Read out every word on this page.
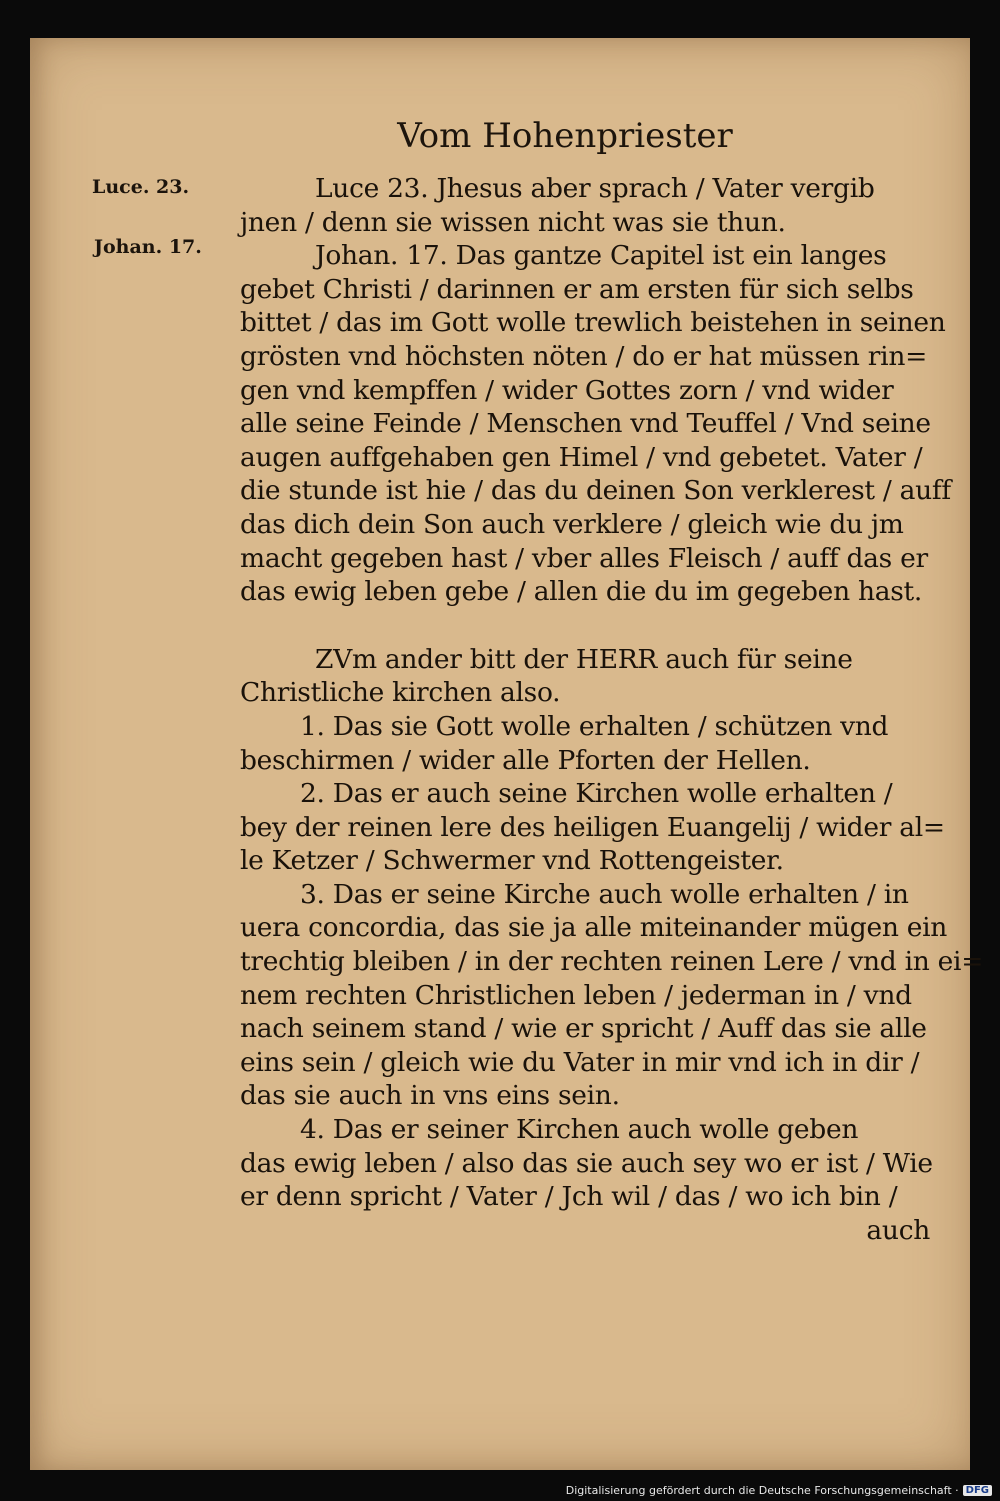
Vom Hohenpriester
Luce. 23.
Johan. 17.
Luce 23. Jhesus aber sprach / Vater vergib
jnen / denn sie wissen nicht was sie thun.
Johan. 17. Das gantze Capitel ist ein langes
gebet Christi / darinnen er am ersten für sich selbs
bittet / das im Gott wolle trewlich beistehen in seinen
grösten vnd höchsten nöten / do er hat müssen rin=
gen vnd kempffen / wider Gottes zorn / vnd wider
alle seine Feinde / Menschen vnd Teuffel / Vnd seine
augen auffgehaben gen Himel / vnd gebetet. Vater /
die stunde ist hie / das du deinen Son verklerest / auff
das dich dein Son auch verklere / gleich wie du jm
macht gegeben hast / vber alles Fleisch / auff das er
das ewig leben gebe / allen die du im gegeben hast.
ZVm ander bitt der HERR auch für seine
Christliche kirchen also.
1. Das sie Gott wolle erhalten / schützen vnd
beschirmen / wider alle Pforten der Hellen.
2. Das er auch seine Kirchen wolle erhalten /
bey der reinen lere des heiligen Euangelij / wider al=
le Ketzer / Schwermer vnd Rottengeister.
3. Das er seine Kirche auch wolle erhalten / in
uera concordia, das sie ja alle miteinander mügen ein
trechtig bleiben / in der rechten reinen Lere / vnd in ei=
nem rechten Christlichen leben / jederman in / vnd
nach seinem stand / wie er spricht / Auff das sie alle
eins sein / gleich wie du Vater in mir vnd ich in dir /
das sie auch in vns eins sein.
4. Das er seiner Kirchen auch wolle geben
das ewig leben / also das sie auch sey wo er ist / Wie
er denn spricht / Vater / Jch wil / das / wo ich bin /
auch
Digitalisierung gefördert durch die Deutsche Forschungsgemeinschaft · DFG
